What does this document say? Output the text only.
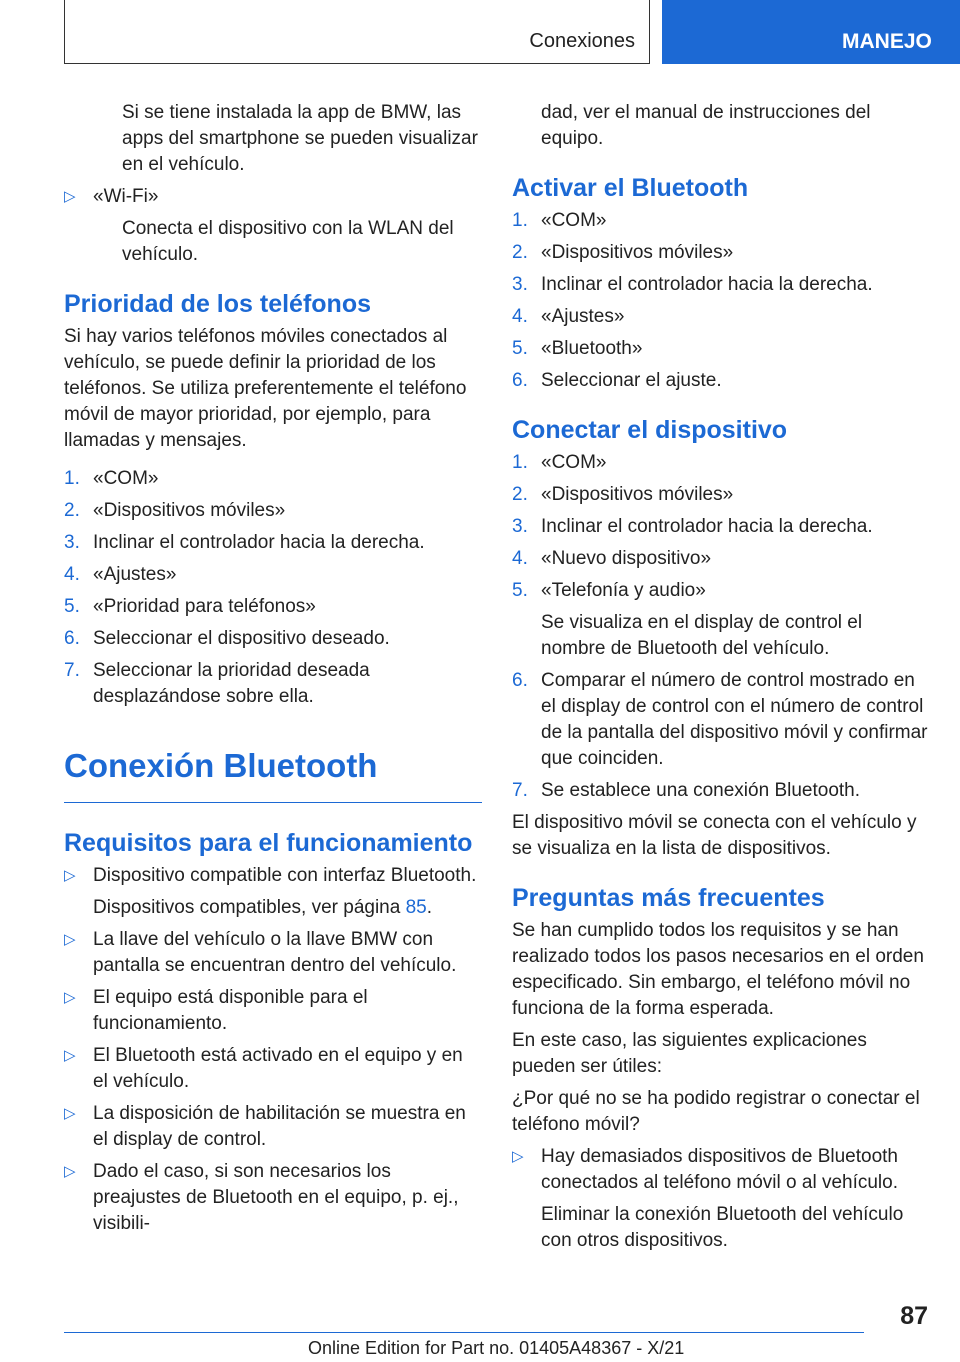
Conexiones	MANEJO

Si se tiene instalada la app de BMW, las apps del smartphone se pueden visualizar en el vehículo.

▷ «Wi-Fi»

Conecta el dispositivo con la WLAN del vehículo.

Prioridad de los teléfonos

Si hay varios teléfonos móviles conectados al vehículo, se puede definir la prioridad de los teléfonos. Se utiliza preferentemente el teléfono móvil de mayor prioridad, por ejemplo, para llamadas y mensajes.

1. «COM»
2. «Dispositivos móviles»
3. Inclinar el controlador hacia la derecha.
4. «Ajustes»
5. «Prioridad para teléfonos»
6. Seleccionar el dispositivo deseado.
7. Seleccionar la prioridad deseada desplazándose sobre ella.
Conexión Bluetooth
Requisitos para el funcionamiento
▷ Dispositivo compatible con interfaz Bluetooth.

Dispositivos compatibles, ver página 85.

▷ La llave del vehículo o la llave BMW con pantalla se encuentran dentro del vehículo.
▷ El equipo está disponible para el funcionamiento.
▷ El Bluetooth está activado en el equipo y en el vehículo.
▷ La disposición de habilitación se muestra en el display de control.
▷ Dado el caso, si son necesarios los preajustes de Bluetooth en el equipo, p. ej., visibili-

dad, ver el manual de instrucciones del equipo.

Activar el Bluetooth
1. «COM»
2. «Dispositivos móviles»
3. Inclinar el controlador hacia la derecha.
4. «Ajustes»
5. «Bluetooth»
6. Seleccionar el ajuste.
Conectar el dispositivo
1. «COM»
2. «Dispositivos móviles»
3. Inclinar el controlador hacia la derecha.
4. «Nuevo dispositivo»
5. «Telefonía y audio»
Se visualiza en el display de control el nombre de Bluetooth del vehículo.
6. Comparar el número de control mostrado en el display de control con el número de control de la pantalla del dispositivo móvil y confirmar que coinciden.
7. Se establece una conexión Bluetooth.

El dispositivo móvil se conecta con el vehículo y se visualiza en la lista de dispositivos.

Preguntas más frecuentes

Se han cumplido todos los requisitos y se han realizado todos los pasos necesarios en el orden especificado. Sin embargo, el teléfono móvil no funciona de la forma esperada.

En este caso, las siguientes explicaciones pueden ser útiles:

¿Por qué no se ha podido registrar o conectar el teléfono móvil?

▷ Hay demasiados dispositivos de Bluetooth conectados al teléfono móvil o al vehículo.

Eliminar la conexión Bluetooth del vehículo con otros dispositivos.

87
Online Edition for Part no. 01405A48367 - X/21
